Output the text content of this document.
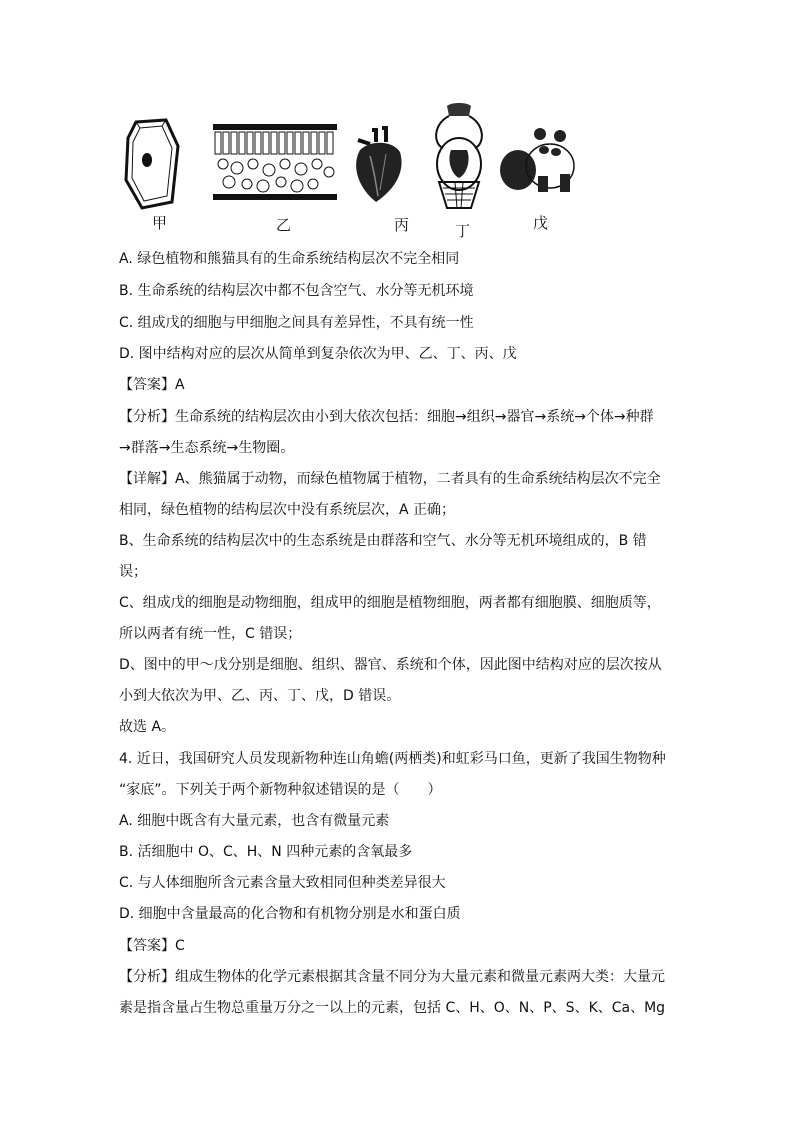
甲	乙	丙	丁	戊
A. 绿色植物和熊猫具有的生命系统结构层次不完全相同
B. 生命系统的结构层次中都不包含空气、水分等无机环境
C. 组成戊的细胞与甲细胞之间具有差异性，不具有统一性
D. 图中结构对应的层次从简单到复杂依次为甲、乙、丁、丙、戊
【答案】A
【分析】生命系统的结构层次由小到大依次包括：细胞→组织→器官→系统→个体→种群
→群落→生态系统→生物圈。
【详解】A、熊猫属于动物，而绿色植物属于植物，二者具有的生命系统结构层次不完全
相同，绿色植物的结构层次中没有系统层次，A 正确；
B、生命系统的结构层次中的生态系统是由群落和空气、水分等无机环境组成的，B 错
误；
C、组成戊的细胞是动物细胞，组成甲的细胞是植物细胞，两者都有细胞膜、细胞质等，
所以两者有统一性，C 错误；
D、图中的甲～戊分别是细胞、组织、器官、系统和个体，因此图中结构对应的层次按从
小到大依次为甲、乙、丙、丁、戊，D 错误。
故选 A。
4. 近日，我国研究人员发现新物种连山角蟾(两栖类)和虹彩马口鱼，更新了我国生物物种
“家底”。下列关于两个新物种叙述错误的是（　　）
A. 细胞中既含有大量元素，也含有微量元素
B. 活细胞中 O、C、H、N 四种元素的含氧最多
C. 与人体细胞所含元素含量大致相同但种类差异很大
D. 细胞中含量最高的化合物和有机物分别是水和蛋白质
【答案】C
【分析】组成生物体的化学元素根据其含量不同分为大量元素和微量元素两大类：大量元
素是指含量占生物总重量万分之一以上的元素，包括 C、H、O、N、P、S、K、Ca、Mg
